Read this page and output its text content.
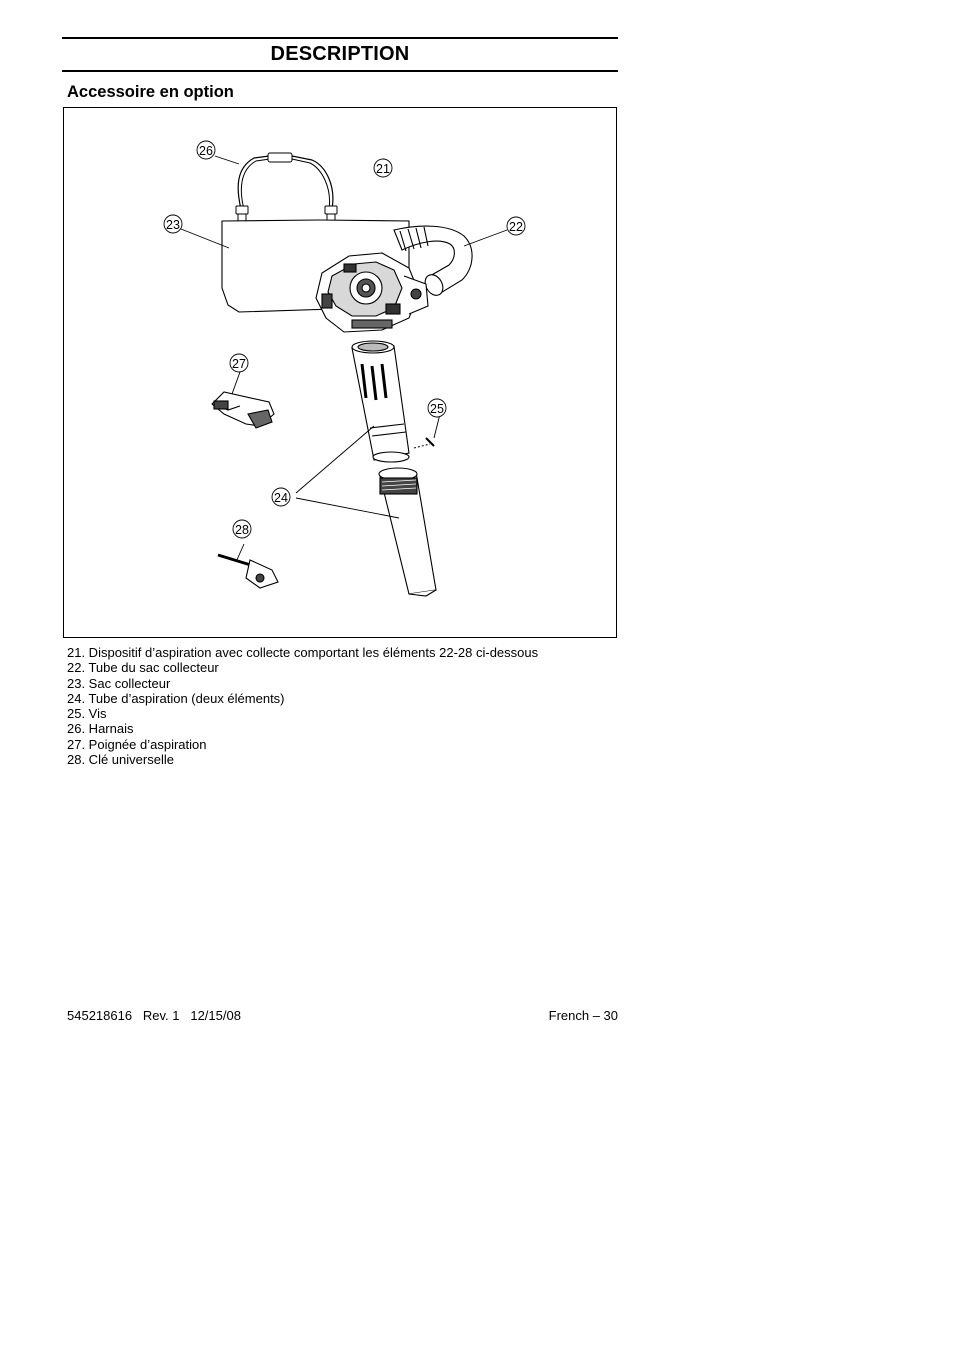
DESCRIPTION
Accessoire en option
26
21
23	22
27
25
24
28
21. Dispositif d’aspiration avec collecte comportant les éléments 22-28 ci-dessous
22. Tube du sac collecteur
23. Sac collecteur
24. Tube d’aspiration (deux éléments)
25. Vis
26. Harnais
27. Poignée d’aspiration
28. Clé universelle
545218616   Rev. 1   12/15/08	French – 30
